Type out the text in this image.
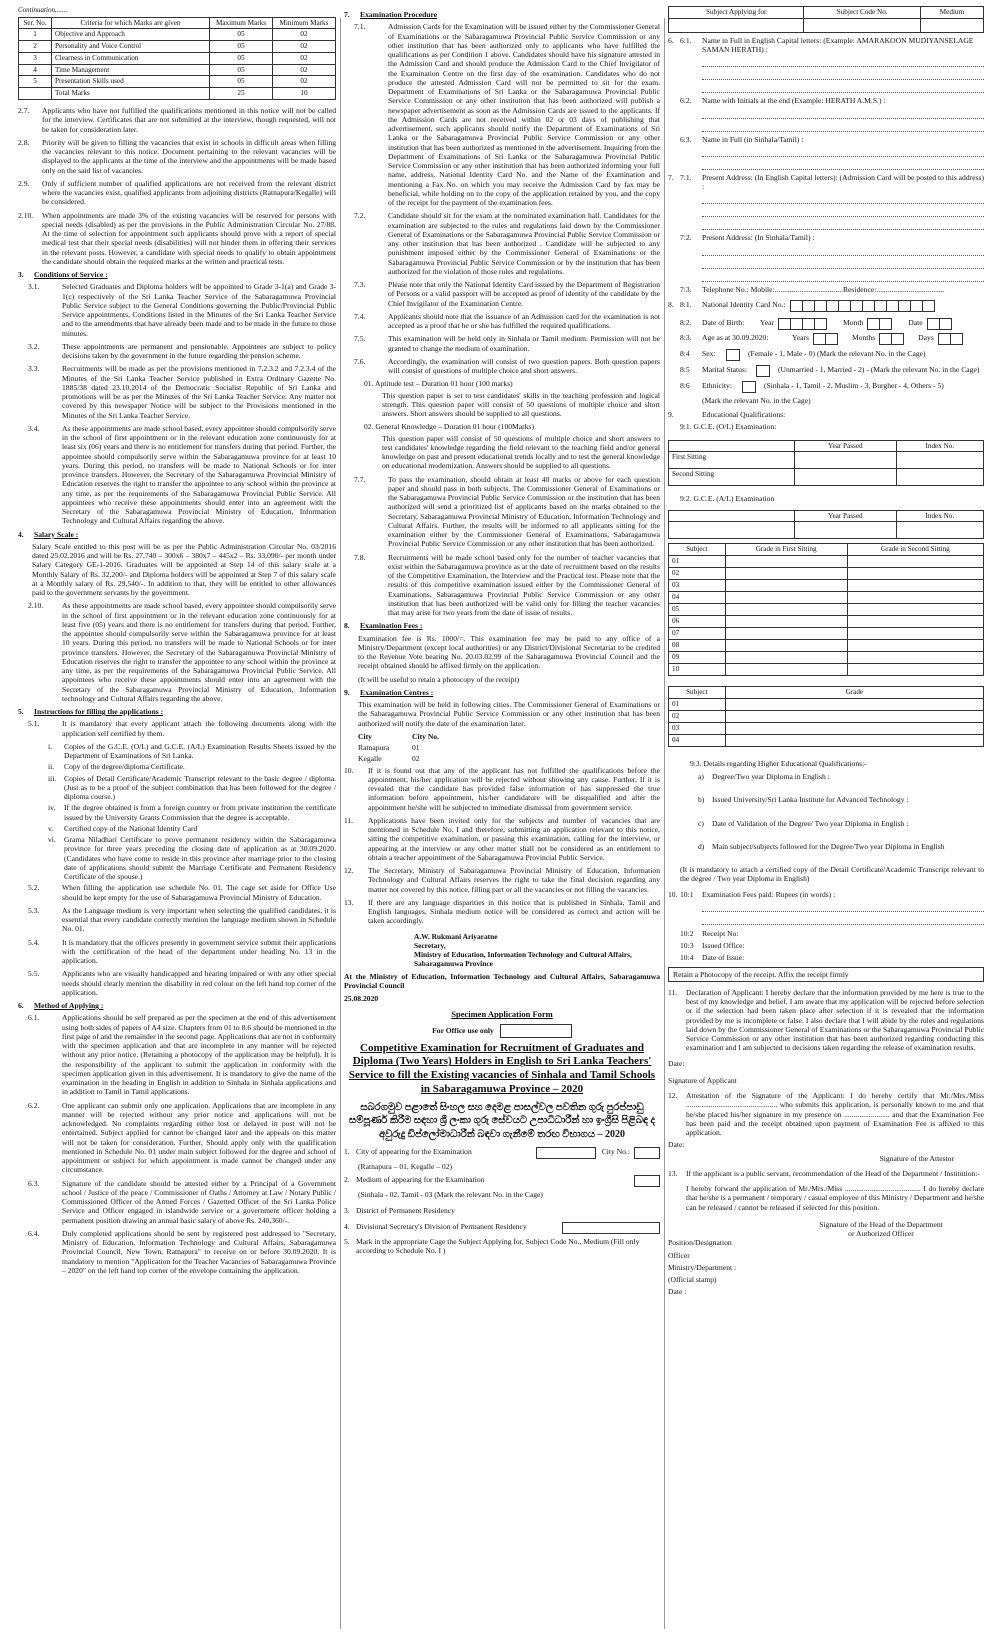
Continuation.......
Ser. No.	Criteria for which Marks are given	Maximum Marks	Minimum Marks
1	Objective and Approach	05	02
2	Personality and Voice Control	05	02
3	Clearness in Communication	05	02
4	Time Management	05	02
5	Presentation Skills used	05	02
	Total Marks	25	10
2.7.	Applicants who have not fulfilled the qualifications mentioned in this notice will not be called for the interview. Certificates that are not submitted at the interview, though requested, will not be taken for consideration later.
2.8.	Priority will be given to filling the vacancies that exist in schools in difficult areas when filling the vacancies relevant to this notice. Document pertaining to the relevant vacancies will be displayed to the applicants at the time of the interview and the appointments will be made based only on the said list of vacancies.
2.9.	Only if sufficient number of qualified applications are not received from the relevant district where the vacancies exist, qualified applicants from adjoining districts (Ratnapura/Kegalle) will be considered.
2.10.	When appointments are made 3% of the existing vacancies will be reserved for persons with special needs (disabled) as per the provisions in the Public Administration Circular No. 27/88. At the time of selection for appointment such applicants should prove with a report of special medical test that their special needs (disabilities) will not hinder them in offering their services in the relevant posts. However, a candidate with special needs to qualify to obtain appointment the candidate should obtain the required marks at the written and practical tests.
3. Conditions of Service :
3.1.	Selected Graduates and Diploma holders will be appointed to Grade 3-1(a) and Grade 3-1(c) respectively of the Sri Lanka Teacher Service of the Sabaragamuwa Provincial Public Service subject to the General Conditions governing the Public/Provincial Public Service appointments, Conditions listed in the Minutes of the Sri Lanka Teacher Service and to the amendments that have already been made and to be made in the future to those minutes.
3.2.	These appointments are permanent and pensionable. Appointees are subject to policy decisions taken by the government in the future regarding the pension scheme.
3.3.	Recruitments will be made as per the provisions mentioned in 7.2.3.2 and 7.2.3.4 of the Minutes of the Sri Lanka Teacher Service published in Extra Ordinary Gazette No. 1885/38 dated 23.10.2014 of the Democratic Socialist Republic of Sri Lanka and promotions will be as per the Minutes of the Sri Lanka Teacher Service. Any matter not covered by this newspaper Notice will be subject to the Provisions mentioned in the Minutes of the Sri Lanka Teacher Service.
3.4.	As these appointments are made school based, every appointee should compulsorily serve in the school of first appointment or in the relevant education zone continuously for at least six (06) years and there is no entitlement for transfers during that period. Further, the appointee should compulsorily serve within the Sabaragamuwa province for at least 10 years. During this period, no transfers will be made to National Schools or for inter province transfers. However, the Secretary of the Sabaragamuwa Provincial Ministry of Education reserves the right to transfer the appointee to any school within the province at any time, as per the requirements of the Sabaragamuwa Provincial Public Service. All appointees who receive these appointments should enter into an agreement with the Secretary of the Sabaragamuwa Provincial Ministry of Education, Information Technology and Cultural Affairs regarding the above.
4. Salary Scale :

Salary Scale entitled to this post will be as per the Public Administration Circular No. 03/2016 dated 25.02.2016 and will be Rs. 27,740 – 300x6 – 380x7 – 445x2 – Rs. 33,090/- per month under Salary Category GE-1-2016. Graduates will be appointed at Step 14 of this salary scale at a Monthly Salary of Rs. 32,200/- and Diploma holders will be appointed at Step 7 of this salary scale at a Monthly salary of Rs. 29,540/-. In addition to that, they will be entitled to other allowances paid to the government servants by the government.

2.10.	As these appointments are made school based, every appointee should compulsorily serve in the school of first appointment or in the relevant education zone continuously for at least five (05) years and there is no entitlement for transfers during that period. Further, the appointee should compulsorily serve within the Sabaragamuwa province for at least 10 years. During this period, no transfers will be made to National Schools or for inter province transfers. However, the Secretary of the Sabaragamuwa Provincial Ministry of Education reserves the right to transfer the appointee to any school within the province at any time, as per the requirements of the Sabaragamuwa Provincial Public Service. All appointees who receive these appointments should enter into an agreement with the Secretary of the Sabaragamuwa Provincial Ministry of Education, Information technology and Cultural Affairs regarding the above.
5. Instructions for filling the applications :
5.1.	It is mandatory that every applicant attach the following documents along with the application self certified by them.
i.	Copies of the G.C.E. (O/L) and G.C.E. (A/L) Examination Results Sheets issued by the Department of Examinations of Sri Lanka.
ii.	Copy of the degree/diploma Certificate.
iii.	Copies of Detail Certificate/Academic Transcript relevant to the basic degree / diploma. (Just as to be a proof of the subject combination that has been followed for the degree / diploma course.)
iv.	If the degree obtained is from a foreign country or from private institution the certificate issued by the University Grants Commission that the degree is acceptable.
v.	Certified copy of the National Identity Card
vi.	Grama Niladhari Certificate to prove permanent residency within the Sabaragamuwa province for three years preceding the closing date of application as at 30.09.2020. (Candidates who have come to reside in this province after marriage prior to the closing date of applications should submit the Marriage Certificate and Permanent Residency Certificate of the spouse.)
5.2.	When filling the application use schedule No. 01. The cage set aside for Office Use should be kept empty for the use of Sabaragamuwa Provincial Ministry of Education.
5.3.	As the Language medium is very important when selecting the qualified candidates, it is essential that every candidate correctly mention the language medium shown in Schedule No. 01.
5.4.	It is mandatory that the officers presently in government service submit their applications with the certification of the head of the department under heading No. 13 in the application.
5.5.	Applicants who are visually handicapped and hearing impaired or with any other special needs should clearly mention the disability in red colour on the left hand top corner of the application.
6. Method of Applying :
6.1.	Applications should be self prepared as per the specimen at the end of this advertisement using both sides of papers of A4 size. Chapters from 01 to 8.6 should be mentioned in the first page of and the remainder in the second page. Applications that are not in conformity with the specimen application and that are incomplete in any manner will be rejected without any prior notice. (Retaining a photocopy of the application may be helpful). It is the responsibility of the applicant to submit the application in conformity with the specimen application given in this advertisement. It is mandatory to give the name of the examination in the heading in English in addition to Sinhala in Sinhala applications and in addition to Tamil in Tamil applications.
6.2.	One applicant can submit only one application. Applications that are incomplete in any manner will be rejected without any prior notice and applications will not be acknowledged. No complaints regarding either lost or delayed in post will not be entertained. Subject applied for cannot be changed later and the appeals on this matter will not be taken for consideration. Further, Should apply only with the qualification mentioned in Schedule No. 01 under main subject followed for the degree and school of appointment or subject for which appointment is made cannot be changed under any circumstance.
6.3.	Signature of the candidate should be attested either by a Principal of a Government school / Justice of the peace / Commissioner of Oaths / Attorney at Law / Notary Public / Commissioned Officer of the Armed Forces / Gazetted Officer of the Sri Lanka Police Service and Officer engaged in islandwide service or a government officer holding a permanent position drawing an annual basic salary of above Rs. 240,360/-.
6.4.	Duly completed applications should be sent by registered post addressed to "Secretary, Ministry of Education, Information Technology and Cultural Affairs, Sabaragamuwa Provincial Council, New Town, Ratnapura" to receive on or before 30.09.2020. It is mandatory to mention "Application for the Teacher Vacancies of Sabaragamuwa Province – 2020" on the left hand top corner of the envelope containing the application.
7. Examination Procedure
7.1.	Admission Cards for the Examination will be issued either by the Commissioner General of Examinations or the Sabaragamuwa Provincial Public Service Commission or any other institution that has been authorized only to applicants who have fulfilled the qualifications as per Condition 1 above. Candidates should have his signature attested in the Admission Card and should produce the Admission Card to the Chief Invigilator of the Examination Centre on the first day of the examination. Candidates who do not produce the attested Admission Card will not be permitted to sit for the exam. Department of Examinations of Sri Lanka or the Sabaragamuwa Provincial Public Service Commission or any other institution that has been authorized will publish a newspaper advertisement as soon as the Admission Cards are issued to the applicants. If the Admission Cards are not received within 02 or 03 days of publishing that advertisement, such applicants should notify the Department of Examinations of Sri Lanka or the Sabaragamuwa Provincial Public Service Commission or any other institution that has been authorized as mentioned in the advertisement. Inquiring from the Department of Examinations of Sri Lanka or the Sabaragamuwa Provincial Public Service Commission or any other institution that has been authorized informing your full name, address, National Identity Card No. and the Name of the Examination and mentioning a Fax No. on which you may receive the Admission Card by fax may be beneficial, while holding on to the copy of the application retained by you, and the copy of the receipt for the payment of the examination fees.
7.2.	Candidate should sit for the exam at the nominated examination hall. Candidates for the examination are subjected to the rules and regulations laid down by the Commissioner General of Examinations or the Sabaragamuwa Provincial Public Service Commission or any other institution that has been authorized . Candidate will be subjected to any punishment imposed either by the Commissioner General of Examinations or the Sabaragamuwa Provincial Public Service Commission or by the institution that has been authorized for the violation of those rules and regulations.
7.3.	Please note that only the National Identity Card issued by the Department of Registration of Persons or a valid passport will be accepted as proof of identity of the candidate by the Chief Invigilator of the Examination Centre.
7.4.	Applicants should note that the issuance of an Admission card for the examination is not accepted as a proof that he or she has fulfilled the required qualifications.
7.5.	This examination will be held only in Sinhala or Tamil medium. Permission will not be granted to change the medium of examination.
7.6.	Accordingly, the examination will consist of two question papers. Both question papers will consist of questions of multiple choice and short answers.
01. Aptitude test – Duration 01 hour (100 marks)
This question paper is set to test candidates' skills in the teaching profession and logical strength. This question paper will consist of 50 questions of multiple choice and short answers. Short answers should be supplied to all questions.
02. General Knowledge – Duration 01 hour (100Marks)
This question paper will consist of 50 questions of multiple choice and short answers to test candidates' knowledge regarding the field relevant to the teaching field and/or general knowledge on past and present educational trends locally and to test the general knowledge on educational modernization. Answers should be supplied to all questions.
7.7.	To pass the examination, should obtain at least 40 marks or above for each question paper and should pass in both subjects. The Commissioner General of Examinations or the Sabaragamuwa Provincial Public Service Commission or the institution that has been authorized will send a prioritized list of applicants based on the marks obtained to the Secretary, Sabaragamuwa Provincial Ministry of Education, Information Technology and Cultural Affairs. Further, the results will be informed to all applicants sitting for the examination either by the Commissioner General of Examinations, Sabaragamuwa Provincial Public Service Commission or any other institution that has been authorized.
7.8.	Recruitments will be made school based only for the number of teacher vacancies that exist within the Sabaragamuwa province as at the date of recruitment based on the results of the Competitive Examination, the Interview and the Practical test. Please note that the results of this competitive examination issued either by the Commissioner General of Examinations, Sabaragamuwa Provincial Public Service Commission or any other institution that has been authorized will be valid only for filling the teacher vacancies that may arise for two years from the date of issue of results.
8. Examination Fees :

Examination fee is Rs. 1000/=. This examination fee may be paid to any office of a Ministry/Department (except local authorities) or any District/Divisional Secretariat to be credited to the Revenue Vote bearing No. 20.03.02.99 of the Sabaragamuwa Provincial Council and the receipt obtained should be affixed firmly on the application.

(It will be useful to retain a photocopy of the receipt)

9. Examination Centres :

This examination will be held in following cities. The Commissioner General of Examinations or the Sabaragamuwa Provincial Public Service Commission or any other institution that has been authorized will notify the date of the examination later.

City	City No.
Ratnapura	01
Kegalle	02
10.	If it is found out that any of the applicant has not fulfilled the qualifications before the appointment, his/her application will be rejected without showing any cause. Further, If it is revealed that the candidate has provided false information or has suppressed the true information before appointment, his/her candidature will be disqualified and after the appointment he/she will be subjected to immediate dismissal from government service.
11.	Applications have been invited only for the subjects and number of vacancies that are mentioned in Schedule No. I and therefore, submitting an application relevant to this notice, sitting the competitive examination, or passing this examination, calling for the interview, or appearing at the interview or any other matter shall not be considered as an entitlement to obtain a teacher appointment of the Sabaragamuwa Provincial Public Service.
12.	The Secretary, Ministry of Sabaragamuwa Provincial Ministry of Education, Information Technology and Cultural Affairs reserves the right to take the final decision regarding any matter not covered by this notice, filling part or all the vacancies or not filling the vacancies.
13.	If there are any language disparities in this notice that is published in Sinhala, Tamil and English languages, Sinhala medium notice will be considered as correct and action will be taken accordingly.
A.W. Rukmani Ariyaratne
Secretary,
Ministry of Education, Information Technology and Cultural Affairs,
Sabaragamuwa Province

At the Ministry of Education, Information Technology and Cultural Affairs, Sabaragamuwa Provincial Council

25.08.2020

Specimen Application Form
For Office use only
Competitive Examination for Recruitment of Graduates and Diploma (Two Years) Holders in English to Sri Lanka Teachers' Service to fill the Existing vacancies of Sinhala and Tamil Schools in Sabaragamuwa Province – 2020
සබරගමුව පළාතේ සිංහල සහ දෙමළ පාසල්වල පවතින ගුරු පුරප්පාඩු සම්පූර්ණ කිරීම සඳහා ශ්‍රී ලංකා ගුරු සේවයට උපාධිධාරීන් හා ඉංග්‍රීසි පිළිබඳ ද අවුරුදු ඩිප්ලෝමාධාරීන් බඳවා ගැනීමේ තරඟ විභාගය – 2020
1. City of appearing for the Examination	City No.:
(Ratnapura – 01, Kegalle – 02)
2. Medium of appearing for the Examination
(Sinhala - 02, Tamil - 03 (Mark the relevant No. in the Cage)
3. District of Permanent Residency
4. Divisional Secretary's Division of Permanent Residency
5. Mark in the appropriate Cage the Subject Applying for, Subject Code No., Medium (Fill only according to Schedule No. I )
Subject Applying for	Subject Code No.	Medium

6. 6:1.	Name in Full in English Capital letters: (Example: AMARAKOON MUDIYANSELAGE SAMAN HERATH) :
6:2.	Name with Initials at the end (Example: HERATH A.M.S.) :
6:3.	Name in Full (in Sinhala/Tamil) :
7. 7:1.	Present Address: (In English Capital letters): (Admission Card will be posted to this address) :
7:2.	Present Address: (In Sinhala/Tamil) :
7:3.	Telephone No.: Mobile:....................................Residence:....................................
8. 8:1.	National Identity Card No.:
8:2.	Date of Birth:	Year	Month	Date
8:3.	Age as at 30.09.2020:	Years	Months	Days
8:4	Sex:	(Female - 1, Male - 0) (Mark the relevant No. in the Cage)
8:5	Marital Status:	(Unmarried - 1, Married - 2) - (Mark the relevant No. in the Cage)
8:6	Ethnicity:	(Sinhala - 1, Tamil - 2, Muslim - 3, Burgher - 4, Others - 5)
(Mark the relevant No. in the Cage)
9.	Educational Qualifications:
9:1. G.C.E. (O/L) Examination:
	Year Passed	Index No.
First Sitting		
Second Sitting		
9:2. G.C.E. (A/L) Examination
	Year Passed	Index No.

Subject	Grade in First Sitting	Grade in Second Sitting
01		
02		
03		
04		
05		
06		
07		
08		
09		
10		
Subject	Grade
01	
02	
03	
04	
9:3. Details regarding Higher Educational Qualifications:-
a)	Degree/Two year Diploma in English :
b)	Issued University/Sri Lanka Institute for Advanced Technology :
c)	Date of Validation of the Degree/ Two year Diploma in English :
d)	Main subject/subjects followed for the Degree/Two year Diploma in English

(It is mandatory to attach a certified copy of the Detail Certificate/Academic Transcript relevant to the degree / Two year Diploma in English)

10. 10:1	Examination Fees paid: Rupees (in words) :
10:2	Receipt No:
10:3	Issued Office:
10:4	Date of Issue:
Retain a Photocopy of the receipt. Affix the receipt firmly
11.	Declaration of Applicant: I hereby declare that the information provided by me here is true to the best of my knowledge and belief. I am aware that my application will be rejected before selection or if the selection had been taken place after selection if it is revealed that the information provided by me is incomplete or false. I also declare that I will abide by the rules and regulations laid down by the Commissioner General of Examinations or the Sabaragamuwa Provincial Public Service Commission or any other institution that has been authorized regarding conducting this examination and I am subjected to decisions taken regarding the release of examination results.
Date:
Signature of Applicant
12.	Attestation of the Signature of the Applicant: I do hereby certify that Mr./Mrs./Miss ................................................ who submits this application, is personally known to me and that he/she placed his/her signature in my presence on ........................ and that the Examination Fee has been paid and the receipt obtained upon payment of Examination Fee is affixed to this application.
Date:
Signature of the Attestor
13.	If the applicant is a public servant, recommendation of the Head of the Department / Institution:-

I hereby forward the application of Mr./Mrs./Miss ........................................ I do hereby declare that he/she is a permanent / temporary / casual employee of this Ministry / Department and he/she can be released / cannot be released if selected for this position.

Signature of the Head of the Department
or Authorized Officer
Position/Designation
Officer
Ministry/Department :
(Official stamp)
Date :
